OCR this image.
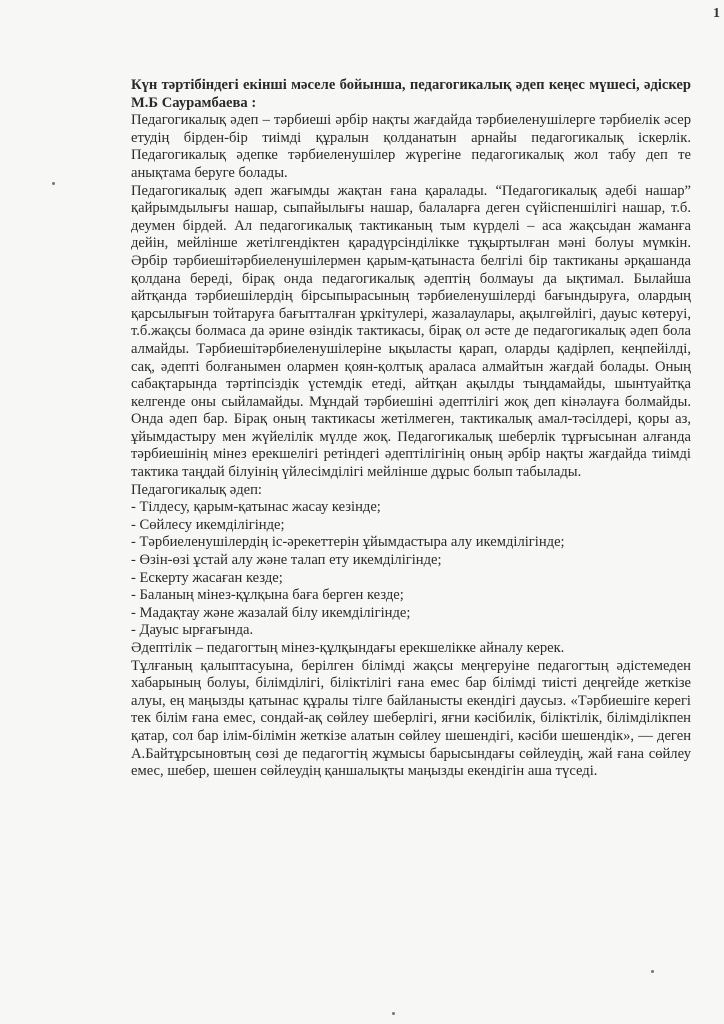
1

Күн тәртібіндегі екінші мәселе бойынша, педагогикалық әдеп кеңес мүшесі, әдіскер М.Б Саурамбаева :

Педагогикалық әдеп – тәрбиеші әрбір нақты жағдайда тәрбиеленушілерге тәрбиелік әсер етудің бірден-бір тиімді құралын қолданатын арнайы педагогикалық іскерлік. Педагогикалық әдепке тәрбиеленушілер жүрегіне педагогикалық жол табу деп те анықтама беруге болады.

Педагогикалық әдеп жағымды жақтан ғана қаралады. “Педагогикалық әдебі нашар” қайрымдылығы нашар, сыпайылығы нашар, балаларға деген сүйіспеншілігі нашар, т.б. деумен бірдей. Ал педагогикалық тактиканың тым күрделі – аса жақсыдан жаманға дейін, мейлінше жетілгендіктен қарадүрсінділікке тұқыртылған мәні болуы мүмкін. Әрбір тәрбиешітәрбиеленушілермен қарым-қатынаста белгілі бір тактиканы әрқашанда қолдана береді, бірақ онда педагогикалық әдептің болмауы да ықтимал. Былайша айтқанда тәрбиешілердің бірсыпырасының тәрбиеленушілерді бағындыруға, олардың қарсылығын тойтаруға бағытталған ұркітулері, жазалаулары, ақылгөйлігі, дауыс көтеруі, т.б.жақсы болмаса да әрине өзіндік тактикасы, бірақ ол әсте де педагогикалық әдеп бола алмайды. Тәрбиешітәрбиеленушілеріне ықыласты қарап, оларды қадірлеп, кеңпейілді, сақ, әдепті болғанымен олармен қоян-қолтық араласа алмайтын жағдай болады. Оның сабақтарында тәртіпсіздік үстемдік етеді, айтқан ақылды тыңдамайды, шынтуайтқа келгенде оны сыйламайды. Мұндай тәрбиешіні әдептілігі жоқ деп кінәлауға болмайды. Онда әдеп бар. Бірақ оның тактикасы жетілмеген, тактикалық амал-тәсілдері, қоры аз, ұйымдастыру мен жүйелілік мүлде жоқ. Педагогикалық шеберлік тұрғысынан алғанда тәрбиешінің мінез ерекшелігі ретіндегі әдептілігінің оның әрбір нақты жағдайда тиімді тактика таңдай білуінің үйлесімділігі мейлінше дұрыс болып табылады.

Педагогикалық әдеп:

- Тілдесу, қарым-қатынас жасау кезінде;
- Сөйлесу икемділігінде;
- Тәрбиеленушілердің іс-әрекеттерін ұйымдастыра алу икемділігінде;
- Өзін-өзі ұстай алу және талап ету икемділігінде;
- Ескерту жасаған кезде;
- Баланың мінез-құлқына баға берген кезде;
- Мадақтау және жазалай білу икемділігінде;
- Дауыс ырғағында.

Әдептілік – педагогтың мінез-құлқындағы ерекшелікке айналу керек.

Тұлғаның қалыптасуына, берілген білімді жақсы меңгеруіне педагогтың әдістемеден хабарының болуы, білімділігі, біліктілігі ғана емес бар білімді тиісті деңгейде жеткізе алуы, ең маңызды қатынас құралы тілге байланысты екендігі даусыз. «Тәрбиешіге керегі тек білім ғана емес, сондай-ақ сөйлеу шеберлігі, яғни кәсібилік, біліктілік, білімділікпен қатар, сол бар ілім-білімін жеткізе алатын сөйлеу шешендігі, кәсіби шешендік», — деген А.Байтұрсыновтың сөзі де педагогтің жұмысы барысындағы сөйлеудің, жай ғана сөйлеу емес, шебер, шешен сөйлеудің қаншалықты маңызды екендігін аша түседі.
